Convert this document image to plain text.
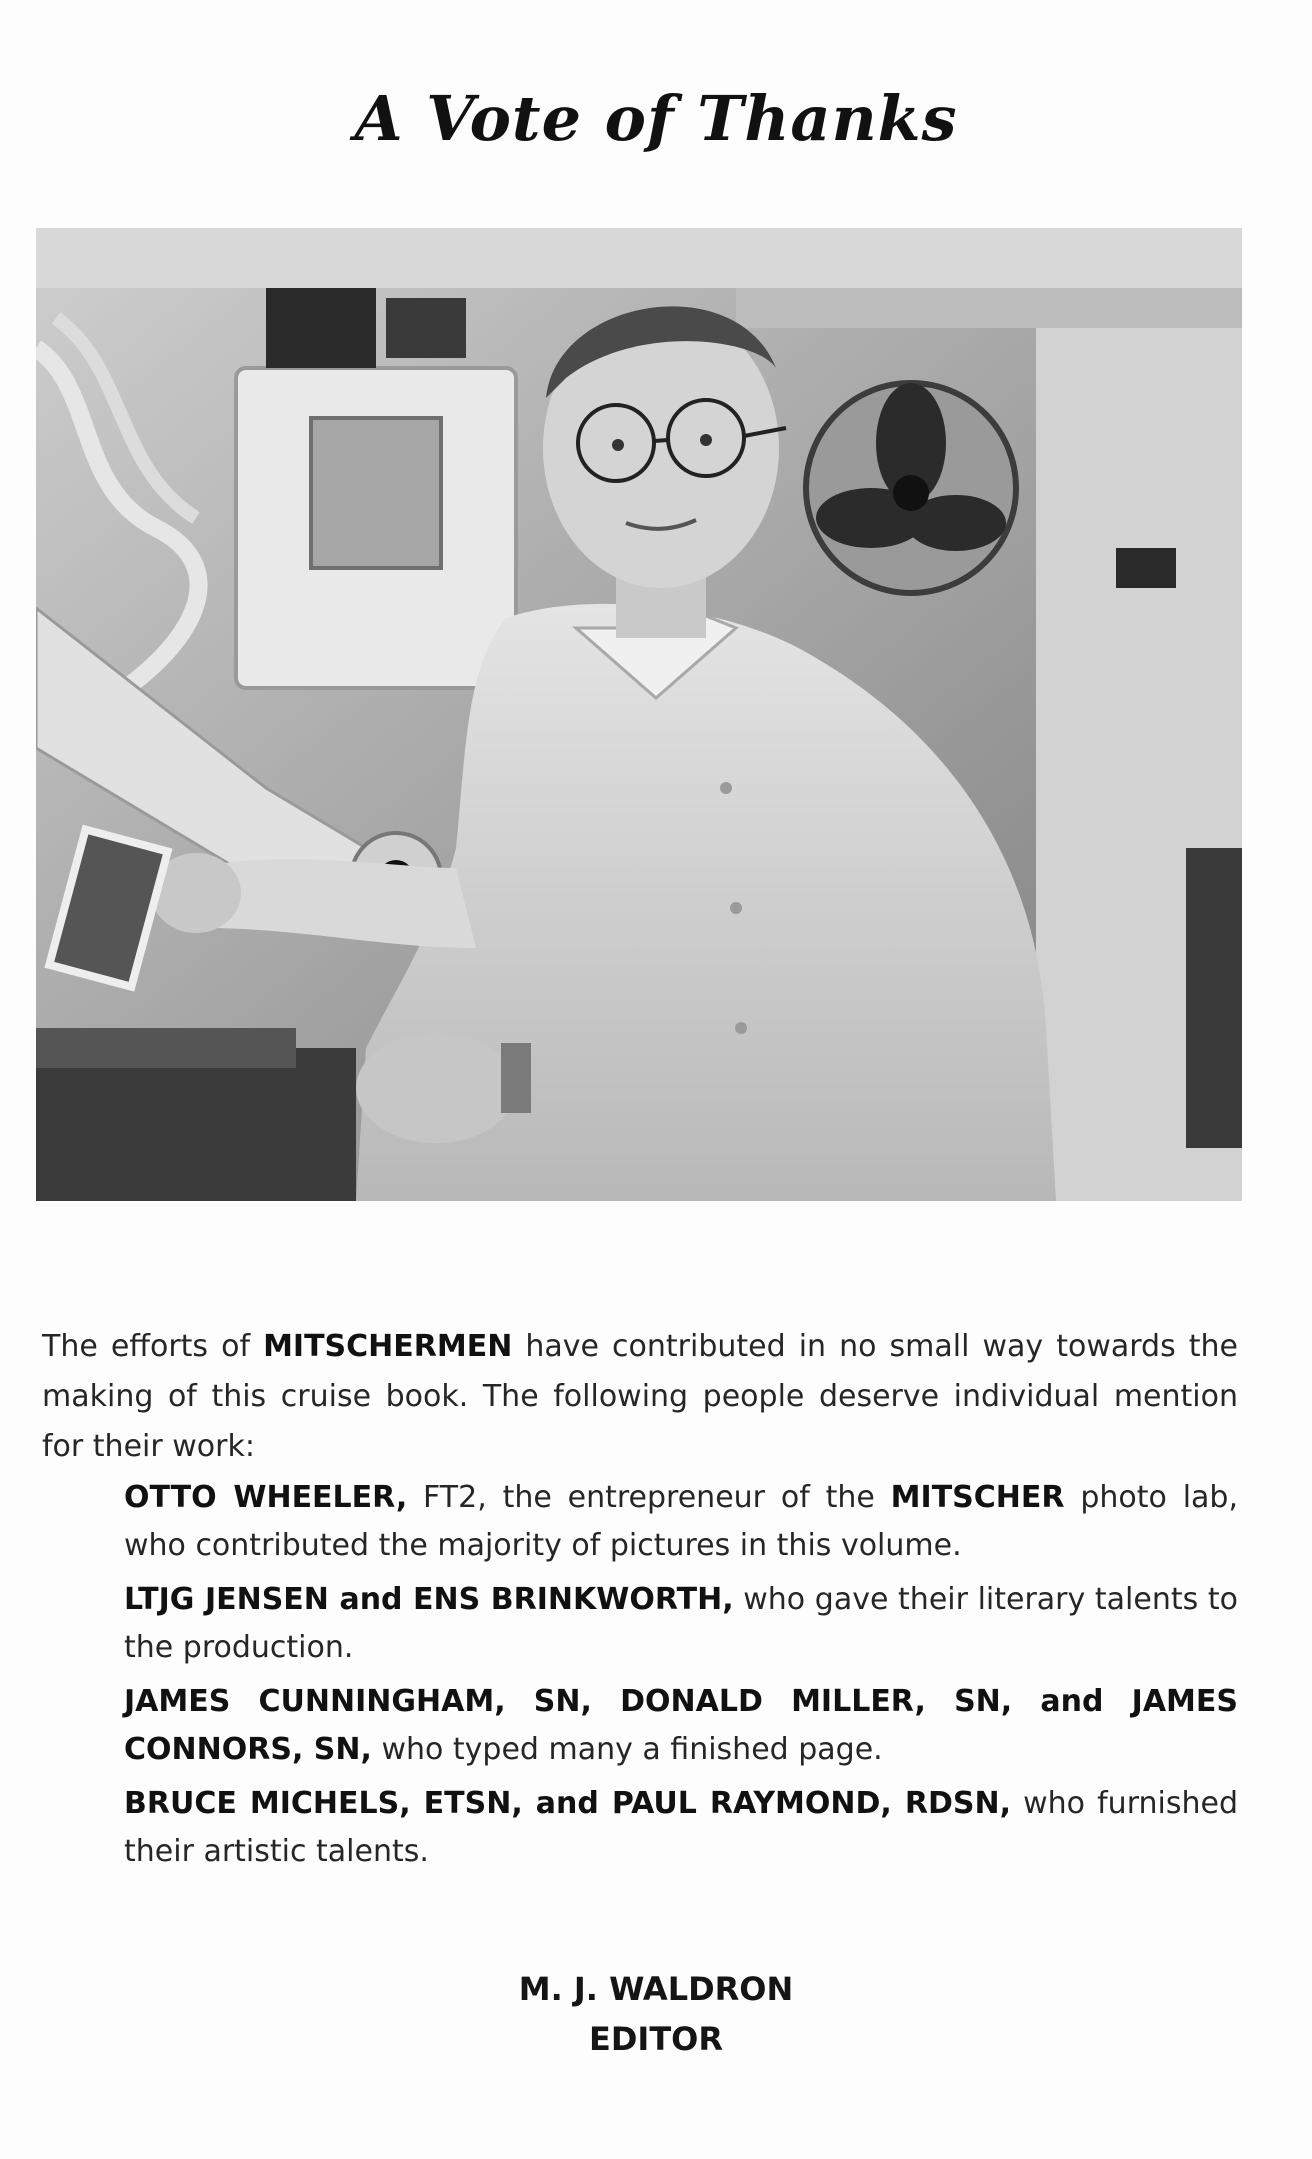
A Vote of Thanks

The efforts of MITSCHERMEN have contributed in no small way towards the making of this cruise book. The following people deserve individual mention for their work:

OTTO WHEELER, FT2, the entrepreneur of the MITSCHER photo lab, who contributed the majority of pictures in this volume.
LTJG JENSEN and ENS BRINKWORTH, who gave their literary talents to the production.
JAMES CUNNINGHAM, SN, DONALD MILLER, SN, and JAMES CONNORS, SN, who typed many a finished page.
BRUCE MICHELS, ETSN, and PAUL RAYMOND, RDSN, who furnished their artistic talents.
M. J. WALDRON
EDITOR
